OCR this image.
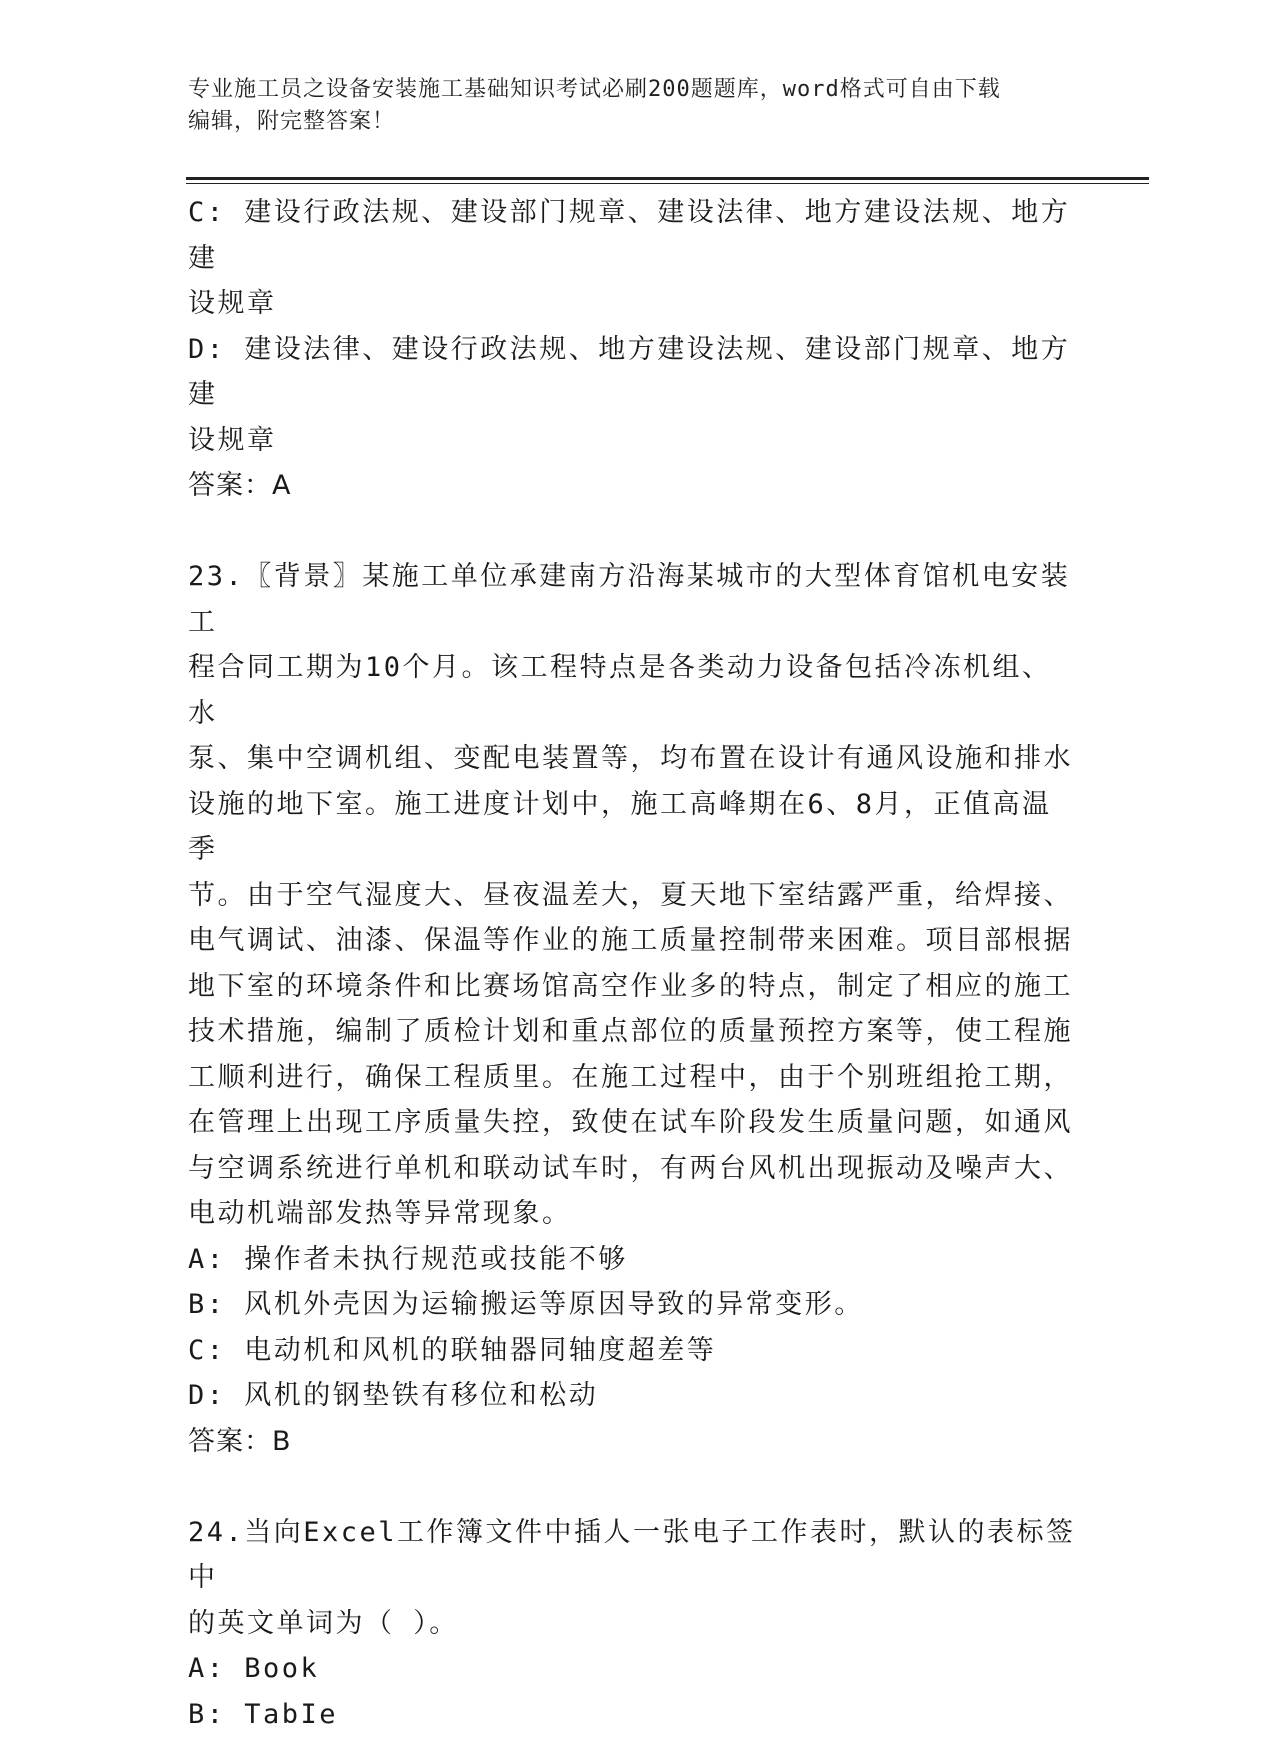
专业施工员之设备安装施工基础知识考试必刷200题题库，word格式可自由下载
编辑，附完整答案！
C: 建设行政法规、建设部门规章、建设法律、地方建设法规、地方建
设规章
D: 建设法律、建设行政法规、地方建设法规、建设部门规章、地方建
设规章
答案：A
23.〖背景〗某施工单位承建南方沿海某城市的大型体育馆机电安装工
程合同工期为10个月。该工程特点是各类动力设备包括冷冻机组、水
泵、集中空调机组、变配电装置等，均布置在设计有通风设施和排水
设施的地下室。施工进度计划中，施工高峰期在6、8月，正值高温季
节。由于空气湿度大、昼夜温差大，夏天地下室结露严重，给焊接、
电气调试、油漆、保温等作业的施工质量控制带来困难。项目部根据
地下室的环境条件和比赛场馆高空作业多的特点，制定了相应的施工
技术措施，编制了质检计划和重点部位的质量预控方案等，使工程施
工顺利进行，确保工程质里。在施工过程中，由于个别班组抢工期，
在管理上出现工序质量失控，致使在试车阶段发生质量问题，如通风
与空调系统进行单机和联动试车时，有两台风机出现振动及噪声大、
电动机端部发热等异常现象。
A: 操作者未执行规范或技能不够
B: 风机外壳因为运输搬运等原因导致的异常变形。
C: 电动机和风机的联轴器同轴度超差等
D: 风机的钢垫铁有移位和松动
答案：B
24.当向Excel工作簿文件中插人一张电子工作表时，默认的表标签中
的英文单词为（ ）。
A: Book
B: TabIe
